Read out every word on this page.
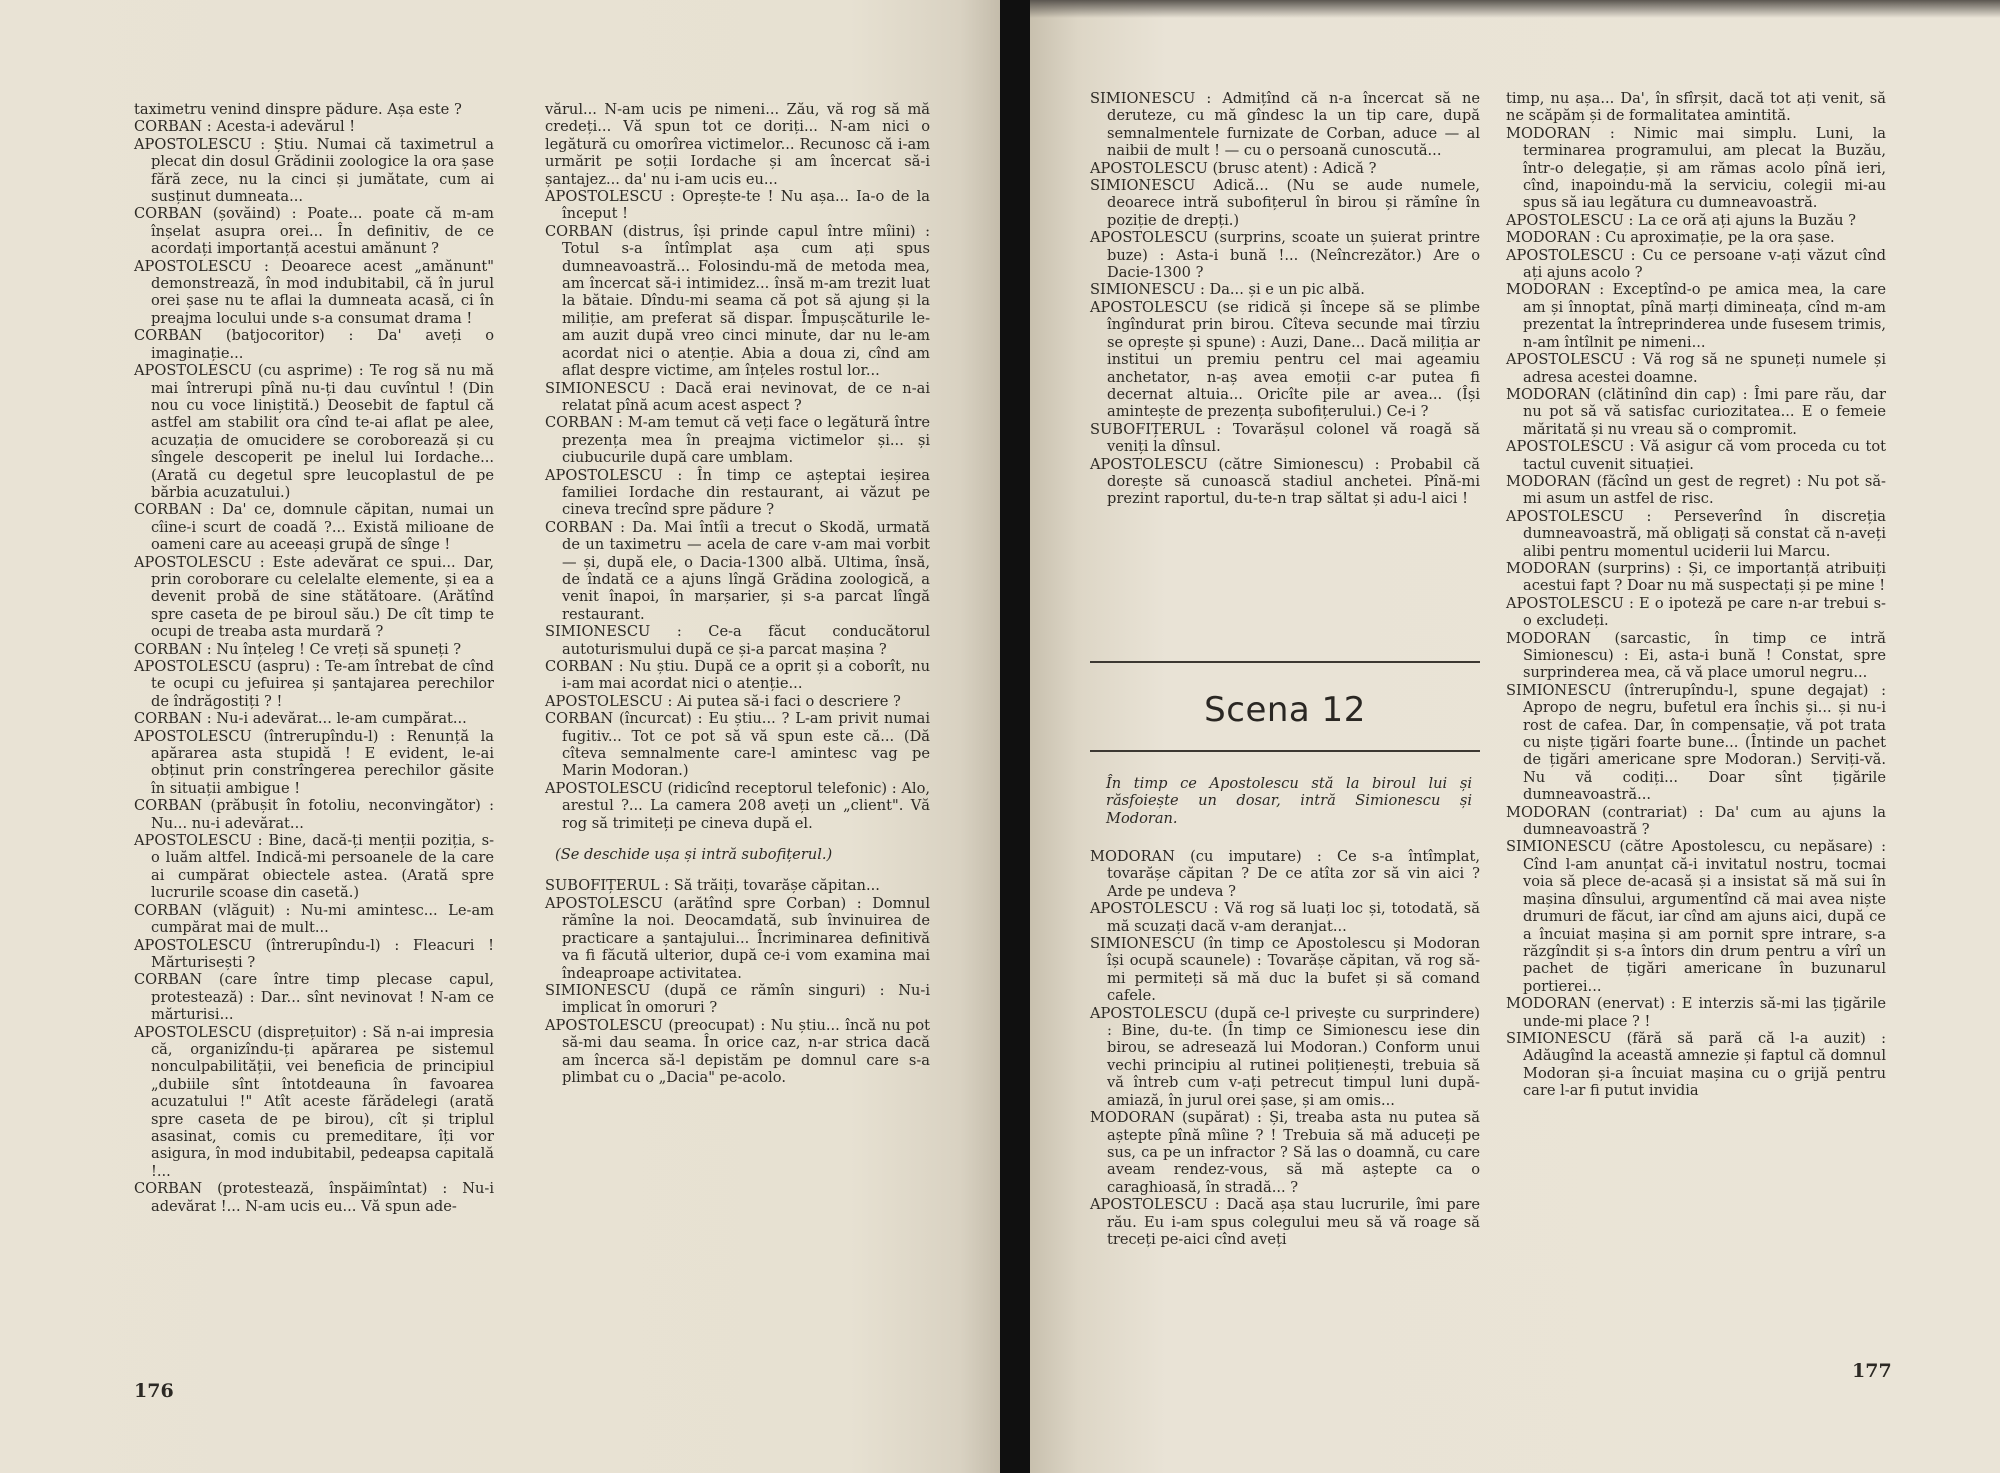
taximetru venind dinspre pădure. Așa este ?

CORBAN : Acesta-i adevărul !

APOSTOLESCU : Știu. Numai că taximetrul a plecat din dosul Grădinii zoologice la ora șase fără zece, nu la cinci și jumătate, cum ai susținut dumneata...

CORBAN (șovăind) : Poate... poate că m-am înșelat asupra orei... În definitiv, de ce acordați importanță acestui amănunt ?

APOSTOLESCU : Deoarece acest „amănunt" demonstrează, în mod indubitabil, că în jurul orei șase nu te aflai la dumneata acasă, ci în preajma locului unde s-a consumat drama !

CORBAN (batjocoritor) : Da' aveți o imaginație...

APOSTOLESCU (cu asprime) : Te rog să nu mă mai întrerupi pînă nu-ți dau cuvîntul ! (Din nou cu voce liniștită.) Deosebit de faptul că astfel am stabilit ora cînd te-ai aflat pe alee, acuzația de omucidere se coroborează și cu sîngele descoperit pe inelul lui Iordache... (Arată cu degetul spre leucoplastul de pe bărbia acuzatului.)

CORBAN : Da' ce, domnule căpitan, numai un cîine-i scurt de coadă ?... Există milioane de oameni care au aceeași grupă de sînge !

APOSTOLESCU : Este adevărat ce spui... Dar, prin coroborare cu celelalte elemente, și ea a devenit probă de sine stătătoare. (Arătînd spre caseta de pe biroul său.) De cît timp te ocupi de treaba asta murdară ?

CORBAN : Nu înțeleg ! Ce vreți să spuneți ?

APOSTOLESCU (aspru) : Te-am întrebat de cînd te ocupi cu jefuirea și șantajarea perechilor de îndrăgostiți ? !

CORBAN : Nu-i adevărat... le-am cumpărat...

APOSTOLESCU (întrerupîndu-l) : Renunță la apărarea asta stupidă ! E evident, le-ai obținut prin constrîngerea perechilor găsite în situații ambigue !

CORBAN (prăbușit în fotoliu, neconvingător) : Nu... nu-i adevărat...

APOSTOLESCU : Bine, dacă-ți menții poziția, s-o luăm altfel. Indică-mi persoanele de la care ai cumpărat obiectele astea. (Arată spre lucrurile scoase din casetă.)

CORBAN (vlăguit) : Nu-mi amintesc... Le-am cumpărat mai de mult...

APOSTOLESCU (întrerupîndu-l) : Fleacuri ! Mărturisești ?

CORBAN (care între timp plecase capul, protestează) : Dar... sînt nevinovat ! N-am ce mărturisi...

APOSTOLESCU (disprețuitor) : Să n-ai impresia că, organizîndu-ți apărarea pe sistemul nonculpabilității, vei beneficia de principiul „dubiile sînt întotdeauna în favoarea acuzatului !" Atît aceste fărădelegi (arată spre caseta de pe birou), cît și triplul asasinat, comis cu premeditare, îți vor asigura, în mod indubitabil, pedeapsa capitală !...

CORBAN (protestează, înspăimîntat) : Nu-i adevărat !... N-am ucis eu... Vă spun ade-

vărul... N-am ucis pe nimeni... Zău, vă rog să mă credeți... Vă spun tot ce doriți... N-am nici o legătură cu omorîrea victimelor... Recunosc că i-am urmărit pe soții Iordache și am încercat să-i șantajez... da' nu i-am ucis eu...

APOSTOLESCU : Oprește-te ! Nu așa... Ia-o de la început !

CORBAN (distrus, își prinde capul între mîini) : Totul s-a întîmplat așa cum ați spus dumneavoastră... Folosindu-mă de metoda mea, am încercat să-i intimidez... însă m-am trezit luat la bătaie. Dîndu-mi seama că pot să ajung și la miliție, am preferat să dispar. Împușcăturile le-am auzit după vreo cinci minute, dar nu le-am acordat nici o atenție. Abia a doua zi, cînd am aflat despre victime, am înțeles rostul lor...

SIMIONESCU : Dacă erai nevinovat, de ce n-ai relatat pînă acum acest aspect ?

CORBAN : M-am temut că veți face o legătură între prezența mea în preajma victimelor și... și ciubucurile după care umblam.

APOSTOLESCU : În timp ce așteptai ieșirea familiei Iordache din restaurant, ai văzut pe cineva trecînd spre pădure ?

CORBAN : Da. Mai întîi a trecut o Skodă, urmată de un taximetru — acela de care v-am mai vorbit — și, după ele, o Dacia-1300 albă. Ultima, însă, de îndată ce a ajuns lîngă Grădina zoologică, a venit înapoi, în marșarier, și s-a parcat lîngă restaurant.

SIMIONESCU : Ce-a făcut conducătorul autoturismului după ce și-a parcat mașina ?

CORBAN : Nu știu. După ce a oprit și a coborît, nu i-am mai acordat nici o atenție...

APOSTOLESCU : Ai putea să-i faci o descriere ?

CORBAN (încurcat) : Eu știu... ? L-am privit numai fugitiv... Tot ce pot să vă spun este că... (Dă cîteva semnalmente care-l amintesc vag pe Marin Modoran.)

APOSTOLESCU (ridicînd receptorul telefonic) : Alo, arestul ?... La camera 208 aveți un „client". Vă rog să trimiteți pe cineva după el.

(Se deschide ușa și intră subofițerul.)

SUBOFIȚERUL : Să trăiți, tovarășe căpitan...

APOSTOLESCU (arătînd spre Corban) : Domnul rămîne la noi. Deocamdată, sub învinuirea de practicare a șantajului... Încriminarea definitivă va fi făcută ulterior, după ce-i vom examina mai îndeaproape activitatea.

SIMIONESCU (după ce rămîn singuri) : Nu-i implicat în omoruri ?

APOSTOLESCU (preocupat) : Nu știu... încă nu pot să-mi dau seama. În orice caz, n-ar strica dacă am încerca să-l depistăm pe domnul care s-a plimbat cu o „Dacia" pe-acolo.

176

SIMIONESCU : Admițînd că n-a încercat să ne deruteze, cu mă gîndesc la un tip care, după semnalmentele furnizate de Corban, aduce — al naibii de mult ! — cu o persoană cunoscută...

APOSTOLESCU (brusc atent) : Adică ?

SIMIONESCU Adică... (Nu se aude numele, deoarece intră subofițerul în birou și rămîne în poziție de drepți.)

APOSTOLESCU (surprins, scoate un șuierat printre buze) : Asta-i bună !... (Neîncrezător.) Are o Dacie-1300 ?

SIMIONESCU : Da... și e un pic albă.

APOSTOLESCU (se ridică și începe să se plimbe îngîndurat prin birou. Cîteva secunde mai tîrziu se oprește și spune) : Auzi, Dane... Dacă miliția ar institui un premiu pentru cel mai ageamiu anchetator, n-aș avea emoții c-ar putea fi decernat altuia... Oricîte pile ar avea... (Își amintește de prezența subofițerului.) Ce-i ?

SUBOFIȚERUL : Tovarășul colonel vă roagă să veniți la dînsul.

APOSTOLESCU (către Simionescu) : Probabil că dorește să cunoască stadiul anchetei. Pînă-mi prezint raportul, du-te-n trap săltat și adu-l aici !

Scena 12

În timp ce Apostolescu stă la biroul lui și răsfoiește un dosar, intră Simionescu și Modoran.

MODORAN (cu imputare) : Ce s-a întîmplat, tovarășe căpitan ? De ce atîta zor să vin aici ? Arde pe undeva ?

APOSTOLESCU : Vă rog să luați loc și, totodată, să mă scuzați dacă v-am deranjat...

SIMIONESCU (în timp ce Apostolescu și Modoran își ocupă scaunele) : Tovarășe căpitan, vă rog să-mi permiteți să mă duc la bufet și să comand cafele.

APOSTOLESCU (după ce-l privește cu surprindere) : Bine, du-te. (În timp ce Simionescu iese din birou, se adresează lui Modoran.) Conform unui vechi principiu al rutinei polițienești, trebuia să vă întreb cum v-ați petrecut timpul luni după-amiază, în jurul orei șase, și am omis...

MODORAN (supărat) : Și, treaba asta nu putea să aștepte pînă mîine ? ! Trebuia să mă aduceți pe sus, ca pe un infractor ? Să las o doamnă, cu care aveam rendez-vous, să mă aștepte ca o caraghioasă, în stradă... ?

APOSTOLESCU : Dacă așa stau lucrurile, îmi pare rău. Eu i-am spus colegului meu să vă roage să treceți pe-aici cînd aveți

timp, nu așa... Da', în sfîrșit, dacă tot ați venit, să ne scăpăm și de formalitatea amintită.

MODORAN : Nimic mai simplu. Luni, la terminarea programului, am plecat la Buzău, într-o delegație, și am rămas acolo pînă ieri, cînd, inapoindu-mă la serviciu, colegii mi-au spus să iau legătura cu dumneavoastră.

APOSTOLESCU : La ce oră ați ajuns la Buzău ?

MODORAN : Cu aproximație, pe la ora șase.

APOSTOLESCU : Cu ce persoane v-ați văzut cînd ați ajuns acolo ?

MODORAN : Exceptînd-o pe amica mea, la care am și înnoptat, pînă marți dimineața, cînd m-am prezentat la întreprinderea unde fusesem trimis, n-am întîlnit pe nimeni...

APOSTOLESCU : Vă rog să ne spuneți numele și adresa acestei doamne.

MODORAN (clătinînd din cap) : Îmi pare rău, dar nu pot să vă satisfac curiozitatea... E o femeie măritată și nu vreau să o compromit.

APOSTOLESCU : Vă asigur că vom proceda cu tot tactul cuvenit situației.

MODORAN (făcînd un gest de regret) : Nu pot să-mi asum un astfel de risc.

APOSTOLESCU : Perseverînd în discreția dumneavoastră, mă obligați să constat că n-aveți alibi pentru momentul uciderii lui Marcu.

MODORAN (surprins) : Și, ce importanță atribuiți acestui fapt ? Doar nu mă suspectați și pe mine !

APOSTOLESCU : E o ipoteză pe care n-ar trebui s-o excludeți.

MODORAN (sarcastic, în timp ce intră Simionescu) : Ei, asta-i bună ! Constat, spre surprinderea mea, că vă place umorul negru...

SIMIONESCU (întrerupîndu-l, spune degajat) : Apropo de negru, bufetul era închis și... și nu-i rost de cafea. Dar, în compensație, vă pot trata cu niște țigări foarte bune... (Întinde un pachet de țigări americane spre Modoran.) Serviți-vă. Nu vă codiți... Doar sînt țigările dumneavoastră...

MODORAN (contrariat) : Da' cum au ajuns la dumneavoastră ?

SIMIONESCU (către Apostolescu, cu nepăsare) : Cînd l-am anunțat că-i invitatul nostru, tocmai voia să plece de-acasă și a insistat să mă sui în mașina dînsului, argumentînd că mai avea niște drumuri de făcut, iar cînd am ajuns aici, după ce a încuiat mașina și am pornit spre intrare, s-a răzgîndit și s-a întors din drum pentru a vîrî un pachet de țigări americane în buzunarul portierei...

MODORAN (enervat) : E interzis să-mi las țigările unde-mi place ? !

SIMIONESCU (fără să pară că l-a auzit) : Adăugînd la această amnezie și faptul că domnul Modoran și-a încuiat mașina cu o grijă pentru care l-ar fi putut invidia

177
